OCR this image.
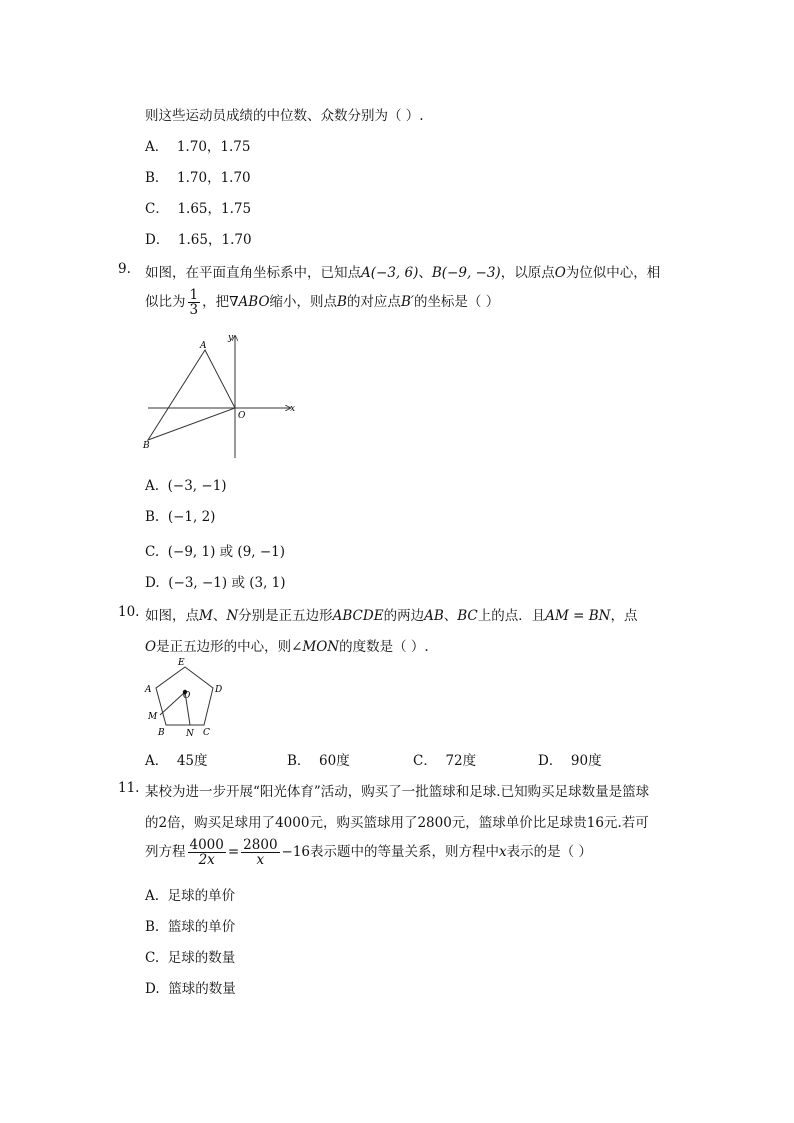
则这些运动员成绩的中位数、众数分别为（ ）.
A． 1.70，1.75
B． 1.70，1.70
C． 1.65，1.75
D． 1.65，1.70
9. 如图，在平面直角坐标系中，已知点A(−3, 6)、B(−9, −3)，以原点O为位似中心，相
似比为 $\frac{1}{3}$ ，把∇ABO缩小，则点B的对应点B′的坐标是（ ）
x
y
A
B
O
A. (−3, −1)
B. (−1, 2)
C. (−9, 1) 或 (9, −1)
D. (−3, −1) 或 (3, 1)
10. 如图，点M、N分别是正五边形ABCDE的两边AB、BC上的点．且AM = BN，点
O是正五边形的中心，则∠MON的度数是（ ）.
E
D
A
O
M
B N C
A． 45度	B． 60度	C． 72度	D． 90度
11. 某校为进一步开展“阳光体育”活动，购买了一批篮球和足球.已知购买足球数量是篮球
的2倍，购买足球用了4000元，购买篮球用了2800元，篮球单价比足球贵16元.若可
列方程 $\frac{4000}{2x} = \frac{2800}{x} -16$表示题中的等量关系，则方程中x表示的是（ ）
A. 足球的单价
B. 篮球的单价
C. 足球的数量
D. 篮球的数量
